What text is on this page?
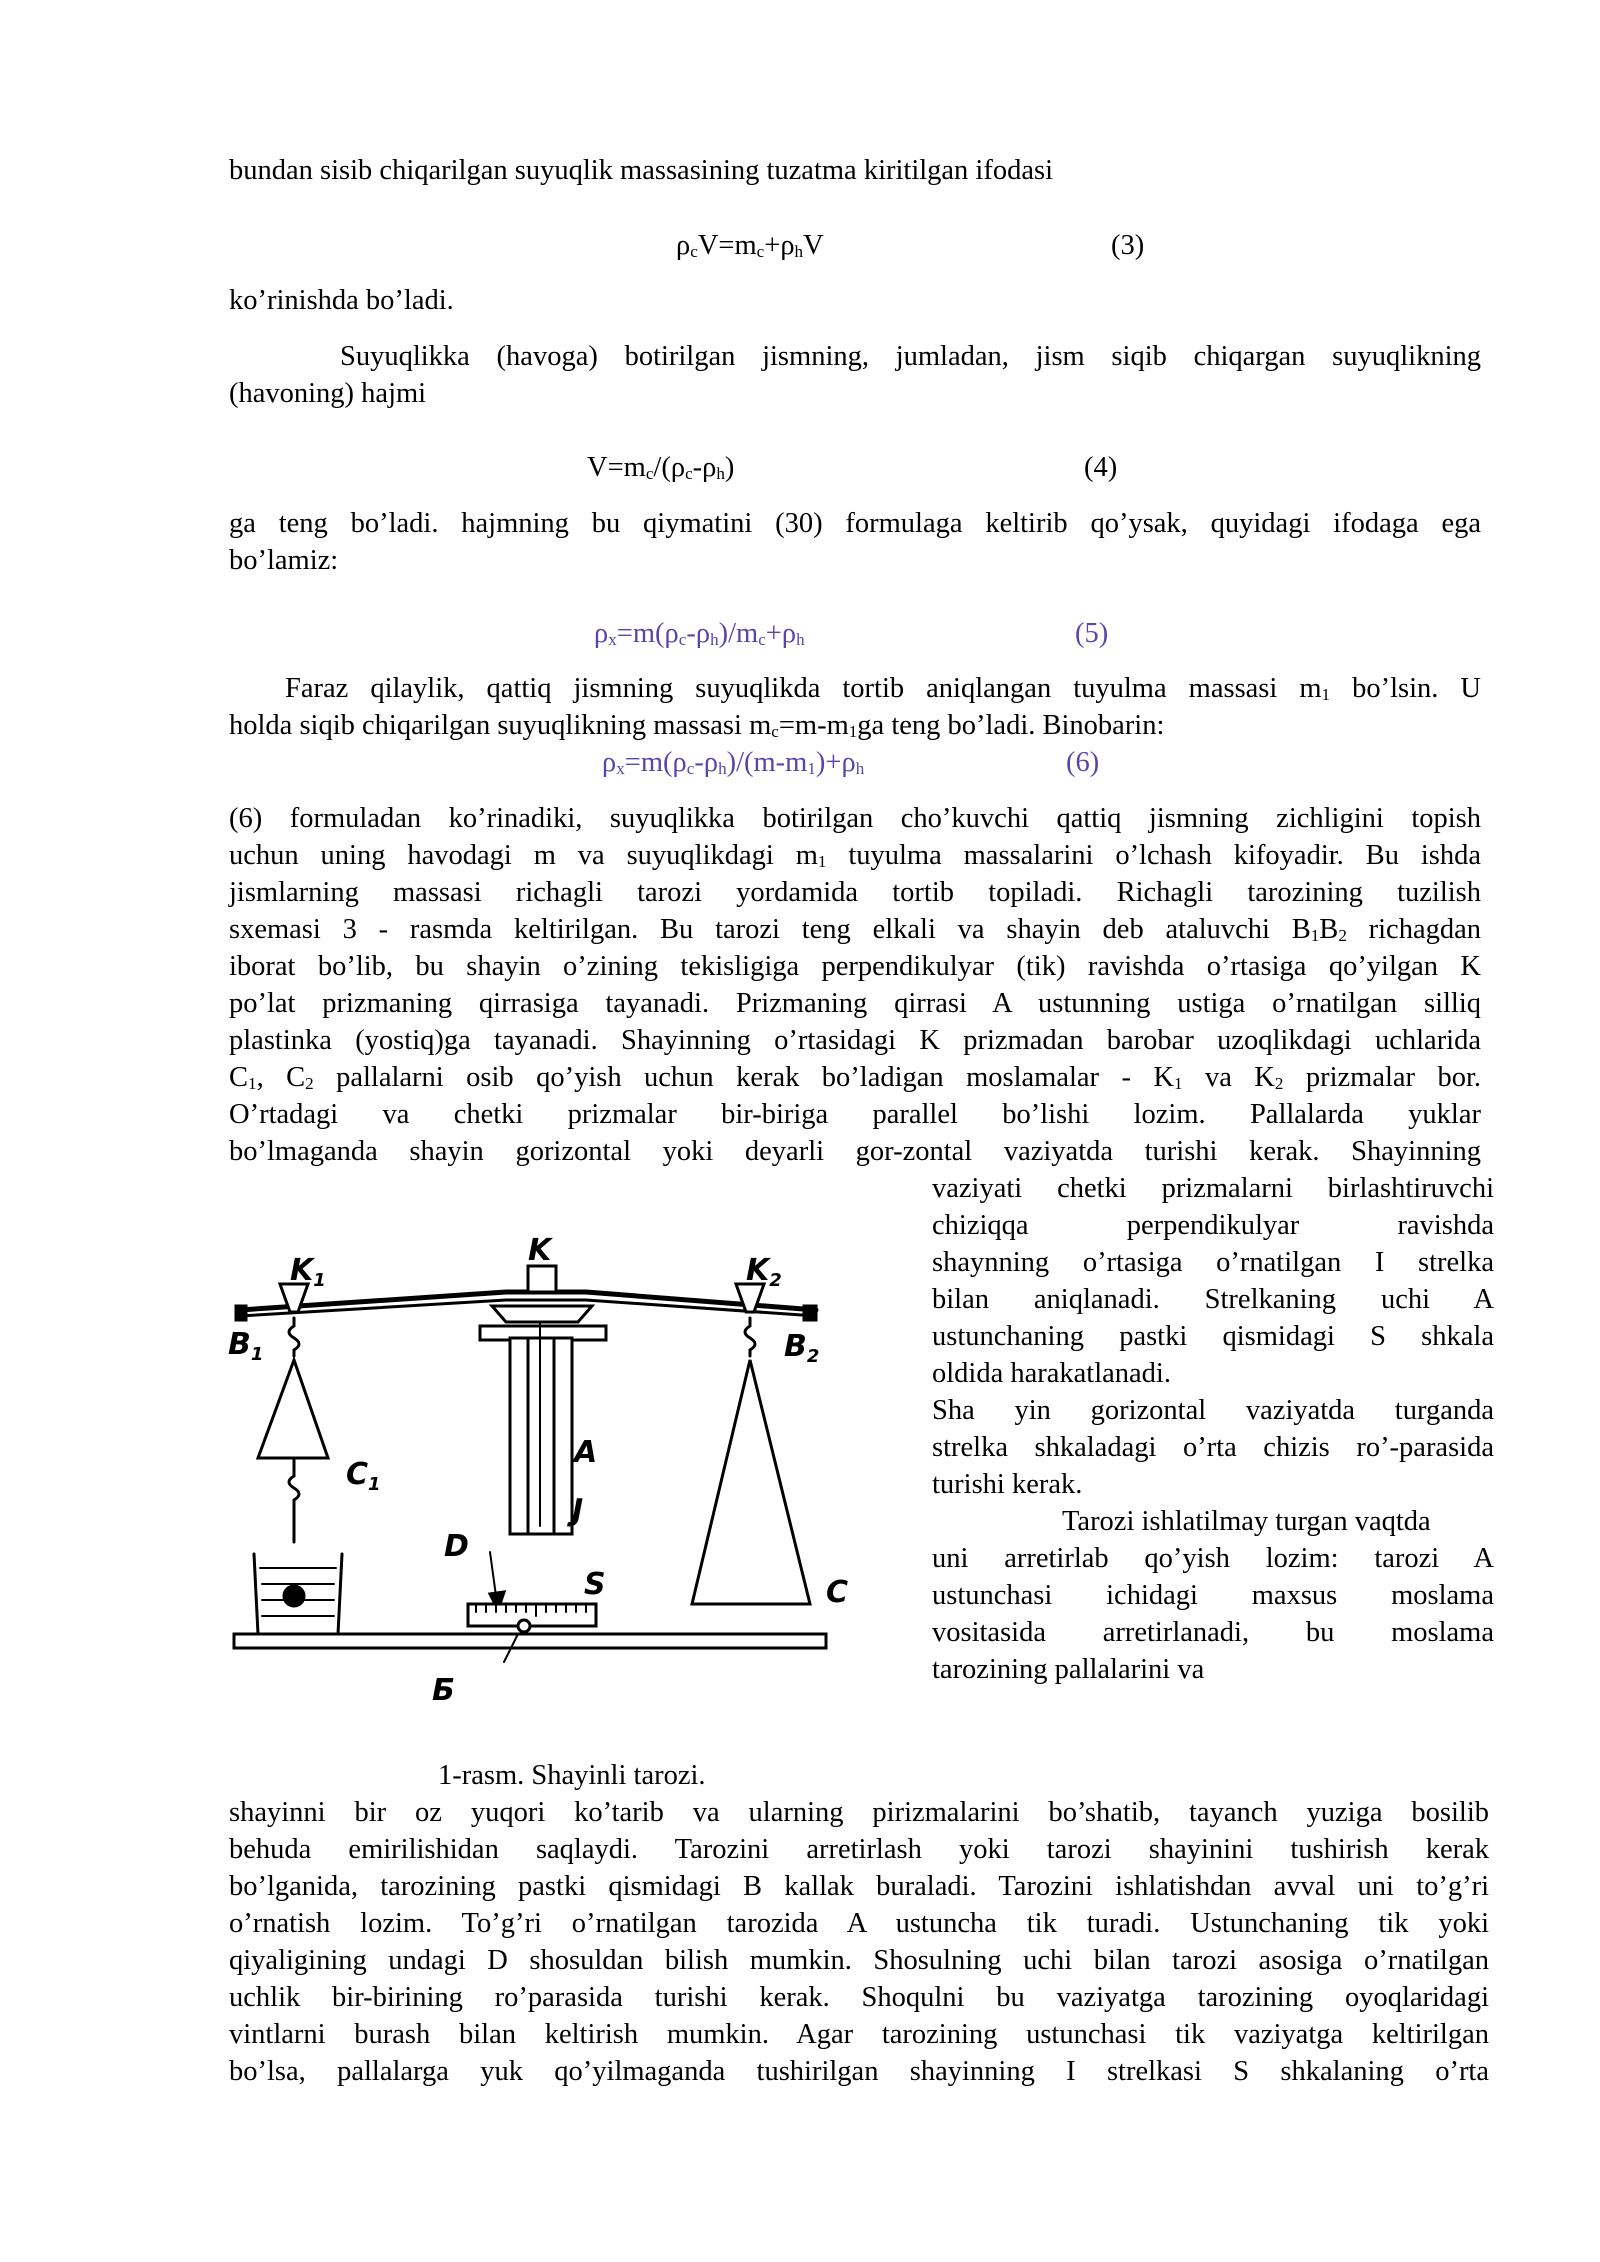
bundan sisib chiqarilgan suyuqlik massasining tuzatma kiritilgan ifodasi
$\rho_cV=m_c+\rho_hV$	(3)
ko’rinishda bo’ladi.
Suyuqlikka (havoga) botirilgan jismning, jumladan, jism siqib chiqargan suyuqlikning
(havoning) hajmi
$V=m_c/(\rho_c-\rho_h)$	(4)
ga teng bo’ladi. hajmning bu qiymatini (30) formulaga keltirib qo’ysak, quyidagi ifodaga ega
bo’lamiz:
$\rho_x=m(\rho_c-\rho_h)/m_c+\rho_h$	(5)
Faraz qilaylik, qattiq jismning suyuqlikda tortib aniqlangan tuyulma massasi $m_1$ bo’lsin. U
holda siqib chiqarilgan suyuqlikning massasi $m_c=m-m_1ga$ teng bo’ladi. Binobarin:
$\rho_x=m(\rho_c-\rho_h)/(m-m_1)+\rho_h$	(6)
(6) formuladan ko’rinadiki, suyuqlikka botirilgan cho’kuvchi qattiq jismning zichligini topish
uchun uning havodagi m va suyuqlikdagi $m_1$ tuyulma massalarini o’lchash kifoyadir. Bu ishda
jismlarning massasi richagli tarozi yordamida tortib topiladi. Richagli tarozining tuzilish
sxemasi 3 - rasmda keltirilgan. Bu tarozi teng elkali va shayin deb ataluvchi $B_1B_2$ richagdan
iborat bo’lib, bu shayin o’zining tekisligiga perpendikulyar (tik) ravishda o’rtasiga qo’yilgan K
po’lat prizmaning qirrasiga tayanadi. Prizmaning qirrasi A ustunning ustiga o’rnatilgan silliq
plastinka (yostiq)ga tayanadi. Shayinning o’rtasidagi K prizmadan barobar uzoqlikdagi uchlarida
$C_1$, $C_2$ pallalarni osib qo’yish uchun kerak bo’ladigan moslamalar - $K_1$ va $K_2$ prizmalar bor.
O’rtadagi va chetki prizmalar bir-biriga parallel bo’lishi lozim. Pallalarda yuklar
bo’lmaganda shayin gorizontal yoki deyarli gor-zontal vaziyatda turishi kerak. Shayinning
vaziyati chetki prizmalarni birlashtiruvchi
chiziqqa perpendikulyar ravishda
shaynning o’rtasiga o’rnatilgan I strelka
bilan aniqlanadi. Strelkaning uchi A
ustunchaning pastki qismidagi S shkala
oldida harakatlanadi.
Sha yin gorizontal vaziyatda turganda
strelka shkaladagi o’rta chizis ro’-parasida
turishi kerak.
Tarozi ishlatilmay turgan vaqtda
uni arretirlab qo’yish lozim: tarozi A
ustunchasi ichidagi maxsus moslama
vositasida arretirlanadi, bu moslama
tarozining pallalarini va
$K_1$
K
$K_2$
$B_1$	$B_2$
$C_1$
C
A
J
D
S
Б
1-rasm. Shayinli tarozi.
shayinni bir oz yuqori ko’tarib va ularning pirizmalarini bo’shatib, tayanch yuziga bosilib
behuda emirilishidan saqlaydi. Tarozini arretirlash yoki tarozi shayinini tushirish kerak
bo’lganida, tarozining pastki qismidagi B kallak buraladi. Tarozini ishlatishdan avval uni to’g’ri
o’rnatish lozim. To’g’ri o’rnatilgan tarozida A ustuncha tik turadi. Ustunchaning tik yoki
qiyaligining undagi D shosuldan bilish mumkin. Shosulning uchi bilan tarozi asosiga o’rnatilgan
uchlik bir-birining ro’parasida turishi kerak. Shoqulni bu vaziyatga tarozining oyoqlaridagi
vintlarni burash bilan keltirish mumkin. Agar tarozining ustunchasi tik vaziyatga keltirilgan
bo’lsa, pallalarga yuk qo’yilmaganda tushirilgan shayinning I strelkasi S shkalaning o’rta
